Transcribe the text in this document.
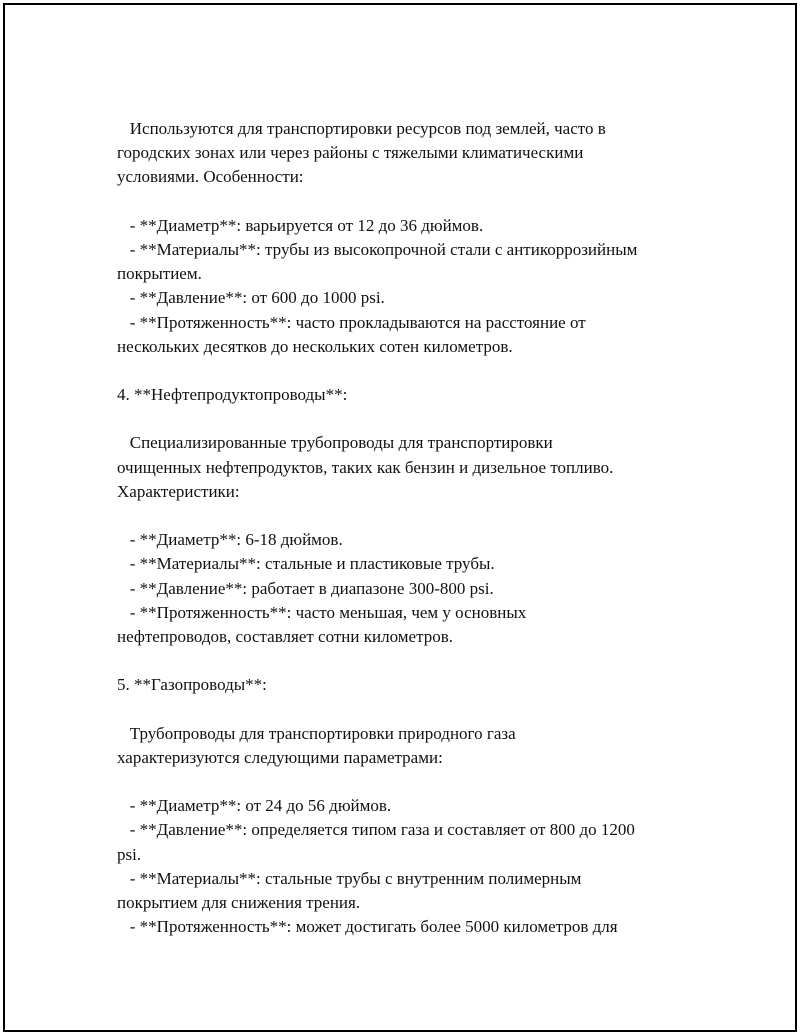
Используются для транспортировки ресурсов под землей, часто в
городских зонах или через районы с тяжелыми климатическими
условиями. Особенности:
- **Диаметр**: варьируется от 12 до 36 дюймов.
- **Материалы**: трубы из высокопрочной стали с антикоррозийным
покрытием.
- **Давление**: от 600 до 1000 psi.
- **Протяженность**: часто прокладываются на расстояние от
нескольких десятков до нескольких сотен километров.
4. **Нефтепродуктопроводы**:
Специализированные трубопроводы для транспортировки
очищенных нефтепродуктов, таких как бензин и дизельное топливо.
Характеристики:
- **Диаметр**: 6-18 дюймов.
- **Материалы**: стальные и пластиковые трубы.
- **Давление**: работает в диапазоне 300-800 psi.
- **Протяженность**: часто меньшая, чем у основных
нефтепроводов, составляет сотни километров.
5. **Газопроводы**:
Трубопроводы для транспортировки природного газа
характеризуются следующими параметрами:
- **Диаметр**: от 24 до 56 дюймов.
- **Давление**: определяется типом газа и составляет от 800 до 1200
psi.
- **Материалы**: стальные трубы с внутренним полимерным
покрытием для снижения трения.
- **Протяженность**: может достигать более 5000 километров для
